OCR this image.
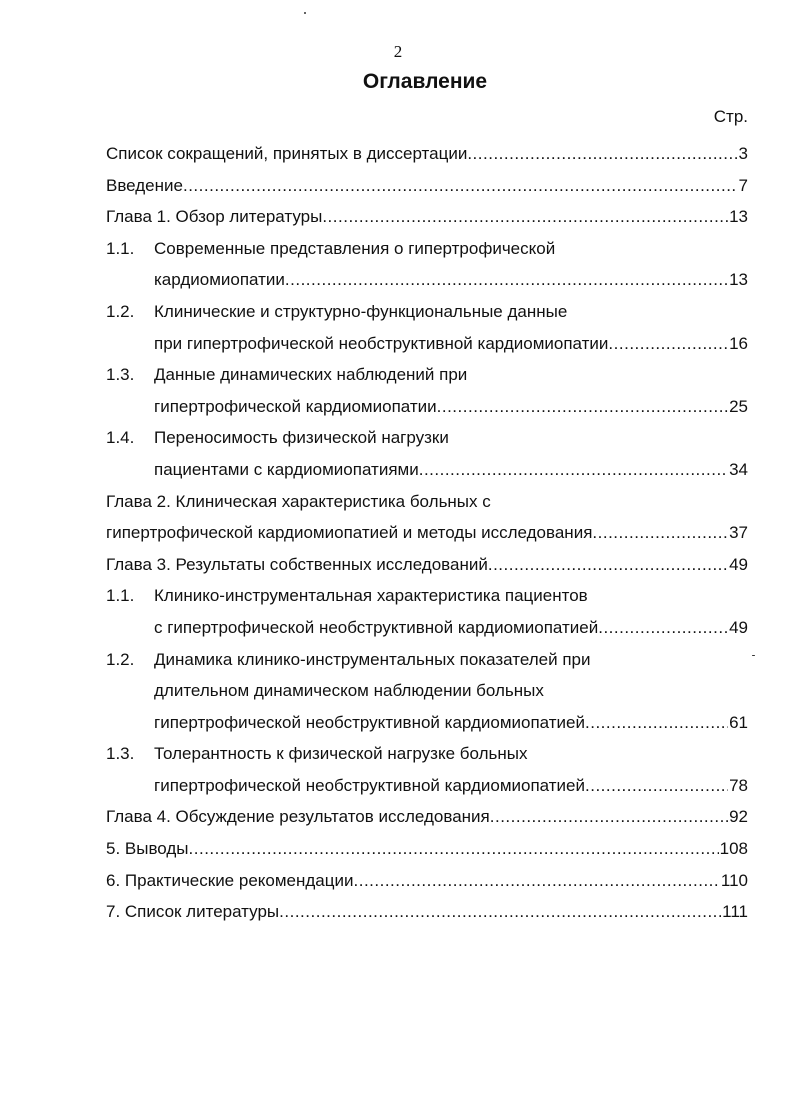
2
Оглавление
Стр.
Список сокращений, принятых в диссертации .....	3
Введение .....	7
Глава 1. Обзор литературы .....	13
1.1. Современные представления о гипертрофической
кардиомиопатии .....	13
1.2. Клинические и структурно-функциональные данные
при гипертрофической необструктивной кардиомиопатии .....	16
1.3. Данные динамических наблюдений при
гипертрофической кардиомиопатии .....	25
1.4. Переносимость физической нагрузки
пациентами с кардиомиопатиями .....	34
Глава 2. Клиническая характеристика больных с
гипертрофической кардиомиопатией и методы исследования .....	37
Глава 3. Результаты собственных исследований .....	49
1.1. Клинико-инструментальная характеристика пациентов
с гипертрофической необструктивной кардиомиопатией .....	49
1.2. Динамика клинико-инструментальных показателей при
длительном динамическом наблюдении больных
гипертрофической необструктивной кардиомиопатией .....	61
1.3. Толерантность к физической нагрузке больных
гипертрофической необструктивной кардиомиопатией .....	78
Глава 4. Обсуждение результатов исследования .....	92
5. Выводы .....	108
6. Практические рекомендации .....	110
7. Список литературы .....	111
